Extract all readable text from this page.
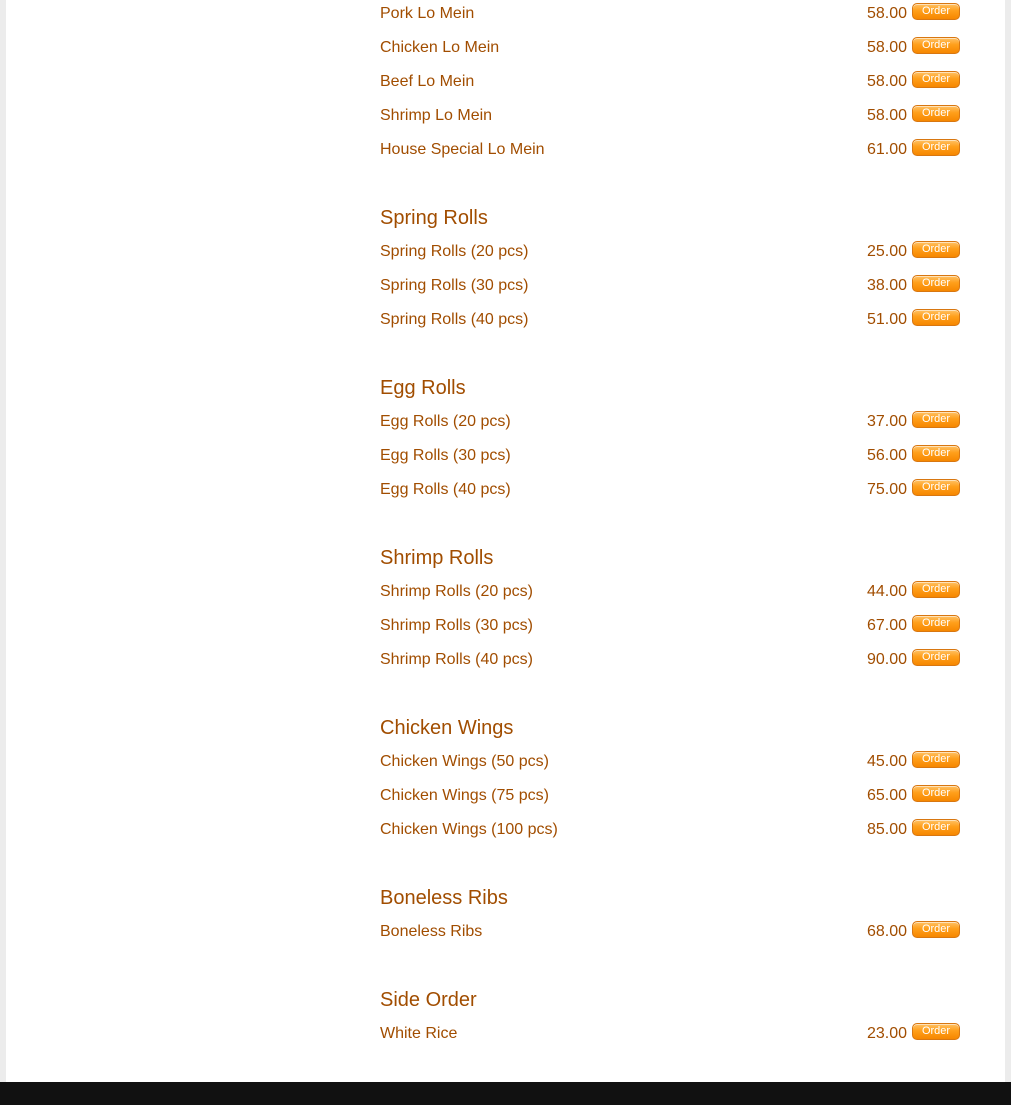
Pork Lo Mein	58.00	Order
Chicken Lo Mein	58.00	Order
Beef Lo Mein	58.00	Order
Shrimp Lo Mein	58.00	Order
House Special Lo Mein	61.00	Order
Spring Rolls
Spring Rolls (20 pcs)	25.00	Order
Spring Rolls (30 pcs)	38.00	Order
Spring Rolls (40 pcs)	51.00	Order
Egg Rolls
Egg Rolls (20 pcs)	37.00	Order
Egg Rolls (30 pcs)	56.00	Order
Egg Rolls (40 pcs)	75.00	Order
Shrimp Rolls
Shrimp Rolls (20 pcs)	44.00	Order
Shrimp Rolls (30 pcs)	67.00	Order
Shrimp Rolls (40 pcs)	90.00	Order
Chicken Wings
Chicken Wings (50 pcs)	45.00	Order
Chicken Wings (75 pcs)	65.00	Order
Chicken Wings (100 pcs)	85.00	Order
Boneless Ribs
Boneless Ribs	68.00	Order
Side Order
White Rice	23.00	Order
